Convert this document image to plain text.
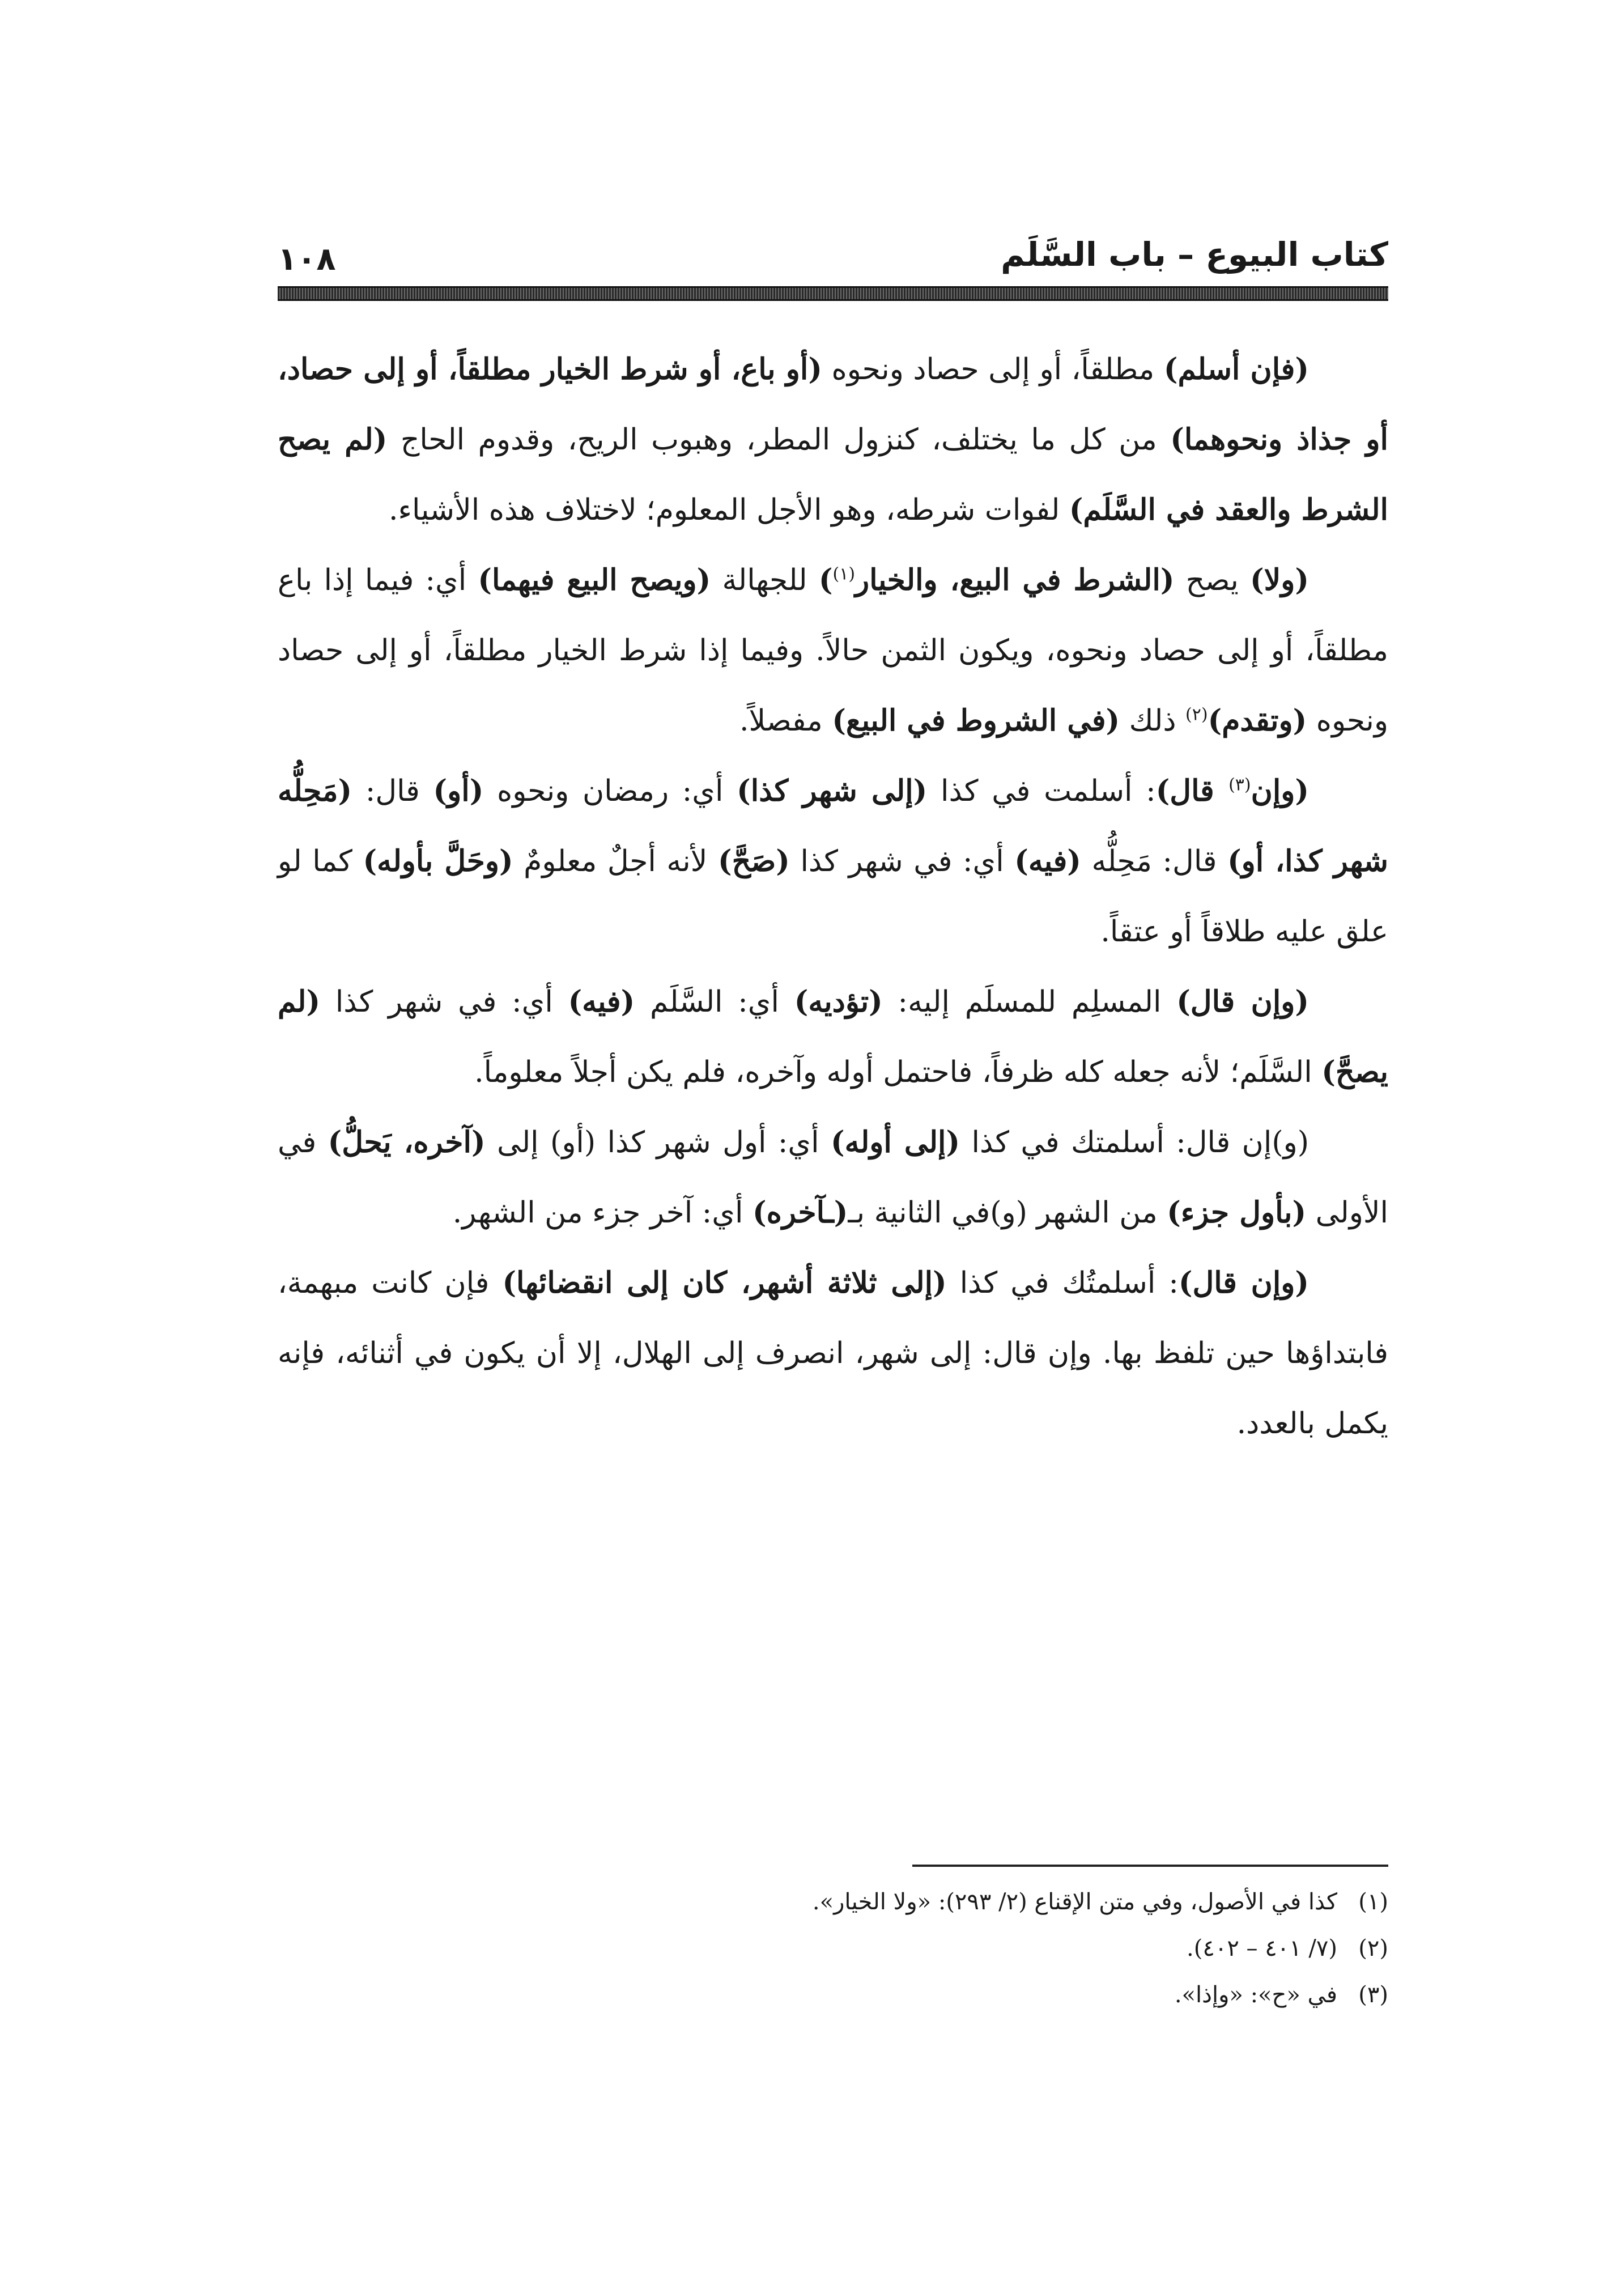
كتاب البيوع – باب السَّلَم
١٠٨

(فإن أسلم) مطلقاً، أو إلى حصاد ونحوه (أو باع، أو شرط الخيار مطلقاً، أو إلى حصاد، أو جذاذ ونحوهما) من كل ما يختلف، كنزول المطر، وهبوب الريح، وقدوم الحاج (لم يصح الشرط والعقد في السَّلَم) لفوات شرطه، وهو الأجل المعلوم؛ لاختلاف هذه الأشياء.

(ولا) يصح (الشرط في البيع، والخيار$^{(١)}$) للجهالة (ويصح البيع فيهما) أي: فيما إذا باع مطلقاً، أو إلى حصاد ونحوه، ويكون الثمن حالاً. وفيما إذا شرط الخيار مطلقاً، أو إلى حصاد ونحوه (وتقدم)$^{(٢)}$ ذلك (في الشروط في البيع) مفصلاً.

(وإن$^{(٣)}$ قال): أسلمت في كذا (إلى شهر كذا) أي: رمضان ونحوه (أو) قال: (مَحِلُّه شهر كذا، أو) قال: مَحِلُّه (فيه) أي: في شهر كذا (صَحَّ) لأنه أجلٌ معلومٌ (وحَلَّ بأوله) كما لو علق عليه طلاقاً أو عتقاً.

(وإن قال) المسلِم للمسلَم إليه: (تؤديه) أي: السَّلَم (فيه) أي: في شهر كذا (لم يصحَّ) السَّلَم؛ لأنه جعله كله ظرفاً، فاحتمل أوله وآخره، فلم يكن أجلاً معلوماً.

(و)إن قال: أسلمتك في كذا (إلى أوله) أي: أول شهر كذا (أو) إلى (آخره، يَحلُّ) في الأولى (بأول جزء) من الشهر (و)في الثانية بـ(ـآخره) أي: آخر جزء من الشهر.

(وإن قال): أسلمتُك في كذا (إلى ثلاثة أشهر، كان إلى انقضائها) فإن كانت مبهمة، فابتداؤها حين تلفظ بها. وإن قال: إلى شهر، انصرف إلى الهلال، إلا أن يكون في أثنائه، فإنه يكمل بالعدد.

(١)كذا في الأصول، وفي متن الإقناع (٢/ ٢٩٣): «ولا الخيار».

(٢)(٧/ ٤٠١ – ٤٠٢).

(٣)في «ح»: «وإذا».
